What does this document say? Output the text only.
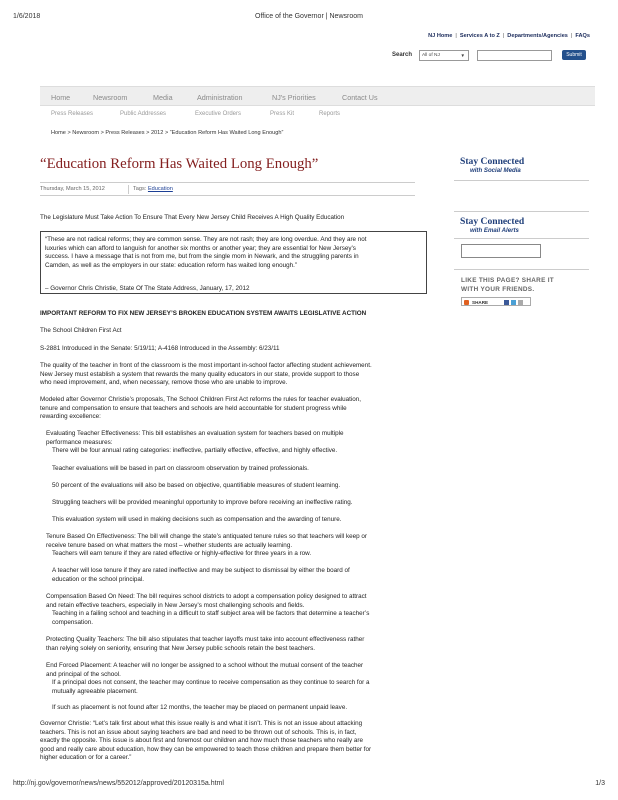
1/6/2018	Office of the Governor | Newsroom
NJ Home | Services A to Z | Departments/Agencies | FAQs
Search	All of NJ	▼	Submit
Home	Newsroom	Media	Administration	NJ's Priorities	Contact Us
Press Releases	Public Addresses	Executive Orders	Press Kit	Reports
Home > Newsroom > Press Releases > 2012 > “Education Reform Has Waited Long Enough”
“Education Reform Has Waited Long Enough”
Thursday, March 15, 2012	Tags: Education
The Legislature Must Take Action To Ensure That Every New Jersey Child Receives A High Quality Education
“These are not radical reforms; they are common sense. They are not rash; they are long overdue. And they are not
luxuries which can afford to languish for another six months or another year; they are essential for New Jersey’s
success. I have a message that is not from me, but from the single mom in Newark, and the struggling parents in
Camden, as well as the employers in our state: education reform has waited long enough.”
– Governor Chris Christie, State Of The State Address, January, 17, 2012
IMPORTANT REFORM TO FIX NEW JERSEY’S BROKEN EDUCATION SYSTEM AWAITS LEGISLATIVE ACTION
The School Children First Act
S-2881 Introduced in the Senate: 5/19/11; A-4168 Introduced in the Assembly: 6/23/11
The quality of the teacher in front of the classroom is the most important in-school factor affecting student achievement.
New Jersey must establish a system that rewards the many quality educators in our state, provide support to those
who need improvement, and, when necessary, remove those who are unable to improve.
Modeled after Governor Christie’s proposals, The School Children First Act reforms the rules for teacher evaluation,
tenure and compensation to ensure that teachers and schools are held accountable for student progress while
rewarding excellence:
Evaluating Teacher Effectiveness: This bill establishes an evaluation system for teachers based on multiple
performance measures:
There will be four annual rating categories: ineffective, partially effective, effective, and highly effective.
Teacher evaluations will be based in part on classroom observation by trained professionals.
50 percent of the evaluations will also be based on objective, quantifiable measures of student learning.
Struggling teachers will be provided meaningful opportunity to improve before receiving an ineffective rating.
This evaluation system will used in making decisions such as compensation and the awarding of tenure.
Tenure Based On Effectiveness: The bill will change the state’s antiquated tenure rules so that teachers will keep or
receive tenure based on what matters the most – whether students are actually learning.
Teachers will earn tenure if they are rated effective or highly-effective for three years in a row.
A teacher will lose tenure if they are rated ineffective and may be subject to dismissal by either the board of
education or the school principal.
Compensation Based On Need: The bill requires school districts to adopt a compensation policy designed to attract
and retain effective teachers, especially in New Jersey’s most challenging schools and fields.
Teaching in a failing school and teaching in a difficult to staff subject area will be factors that determine a teacher’s
compensation.
Protecting Quality Teachers: The bill also stipulates that teacher layoffs must take into account effectiveness rather
than relying solely on seniority, ensuring that New Jersey public schools retain the best teachers.
End Forced Placement: A teacher will no longer be assigned to a school without the mutual consent of the teacher
and principal of the school.
If a principal does not consent, the teacher may continue to receive compensation as they continue to search for a
mutually agreeable placement.
If such as placement is not found after 12 months, the teacher may be placed on permanent unpaid leave.
Governor Christie: “Let’s talk first about what this issue really is and what it isn’t. This is not an issue about attacking
teachers. This is not an issue about saying teachers are bad and need to be thrown out of schools. This is, in fact,
exactly the opposite. This issue is about first and foremost our children and how much those teachers who really are
good and really care about education, how they can be empowered to teach those children and prepare them better for
higher education or for a career.”
Stay Connected
with Social Media
Stay Connected
with Email Alerts
LIKE THIS PAGE? SHARE IT
WITH YOUR FRIENDS.
SHARE
http://nj.gov/governor/news/news/552012/approved/20120315a.html	1/3
